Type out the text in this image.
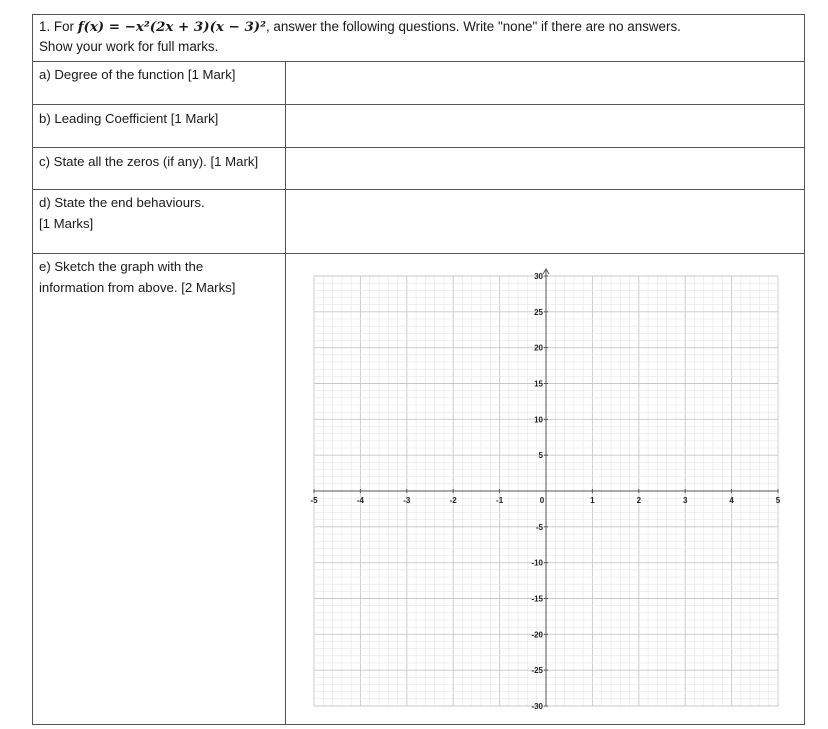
1. For f(x) = −x²(2x + 3)(x − 3)², answer the following questions. Write "none" if there are no answers.
Show your work for full marks.
a) Degree of the function [1 Mark]
b) Leading Coefficient [1 Mark]
c) State all the zeros (if any). [1 Mark]
d) State the end behaviours.
[1 Marks]
e) Sketch the graph with the
information from above. [2 Marks]
-5	-4	-3	-2	-1	0	1	2	3	4	5
30
25
20
15
10
5
-5
-10
-15
-20
-25
-30
